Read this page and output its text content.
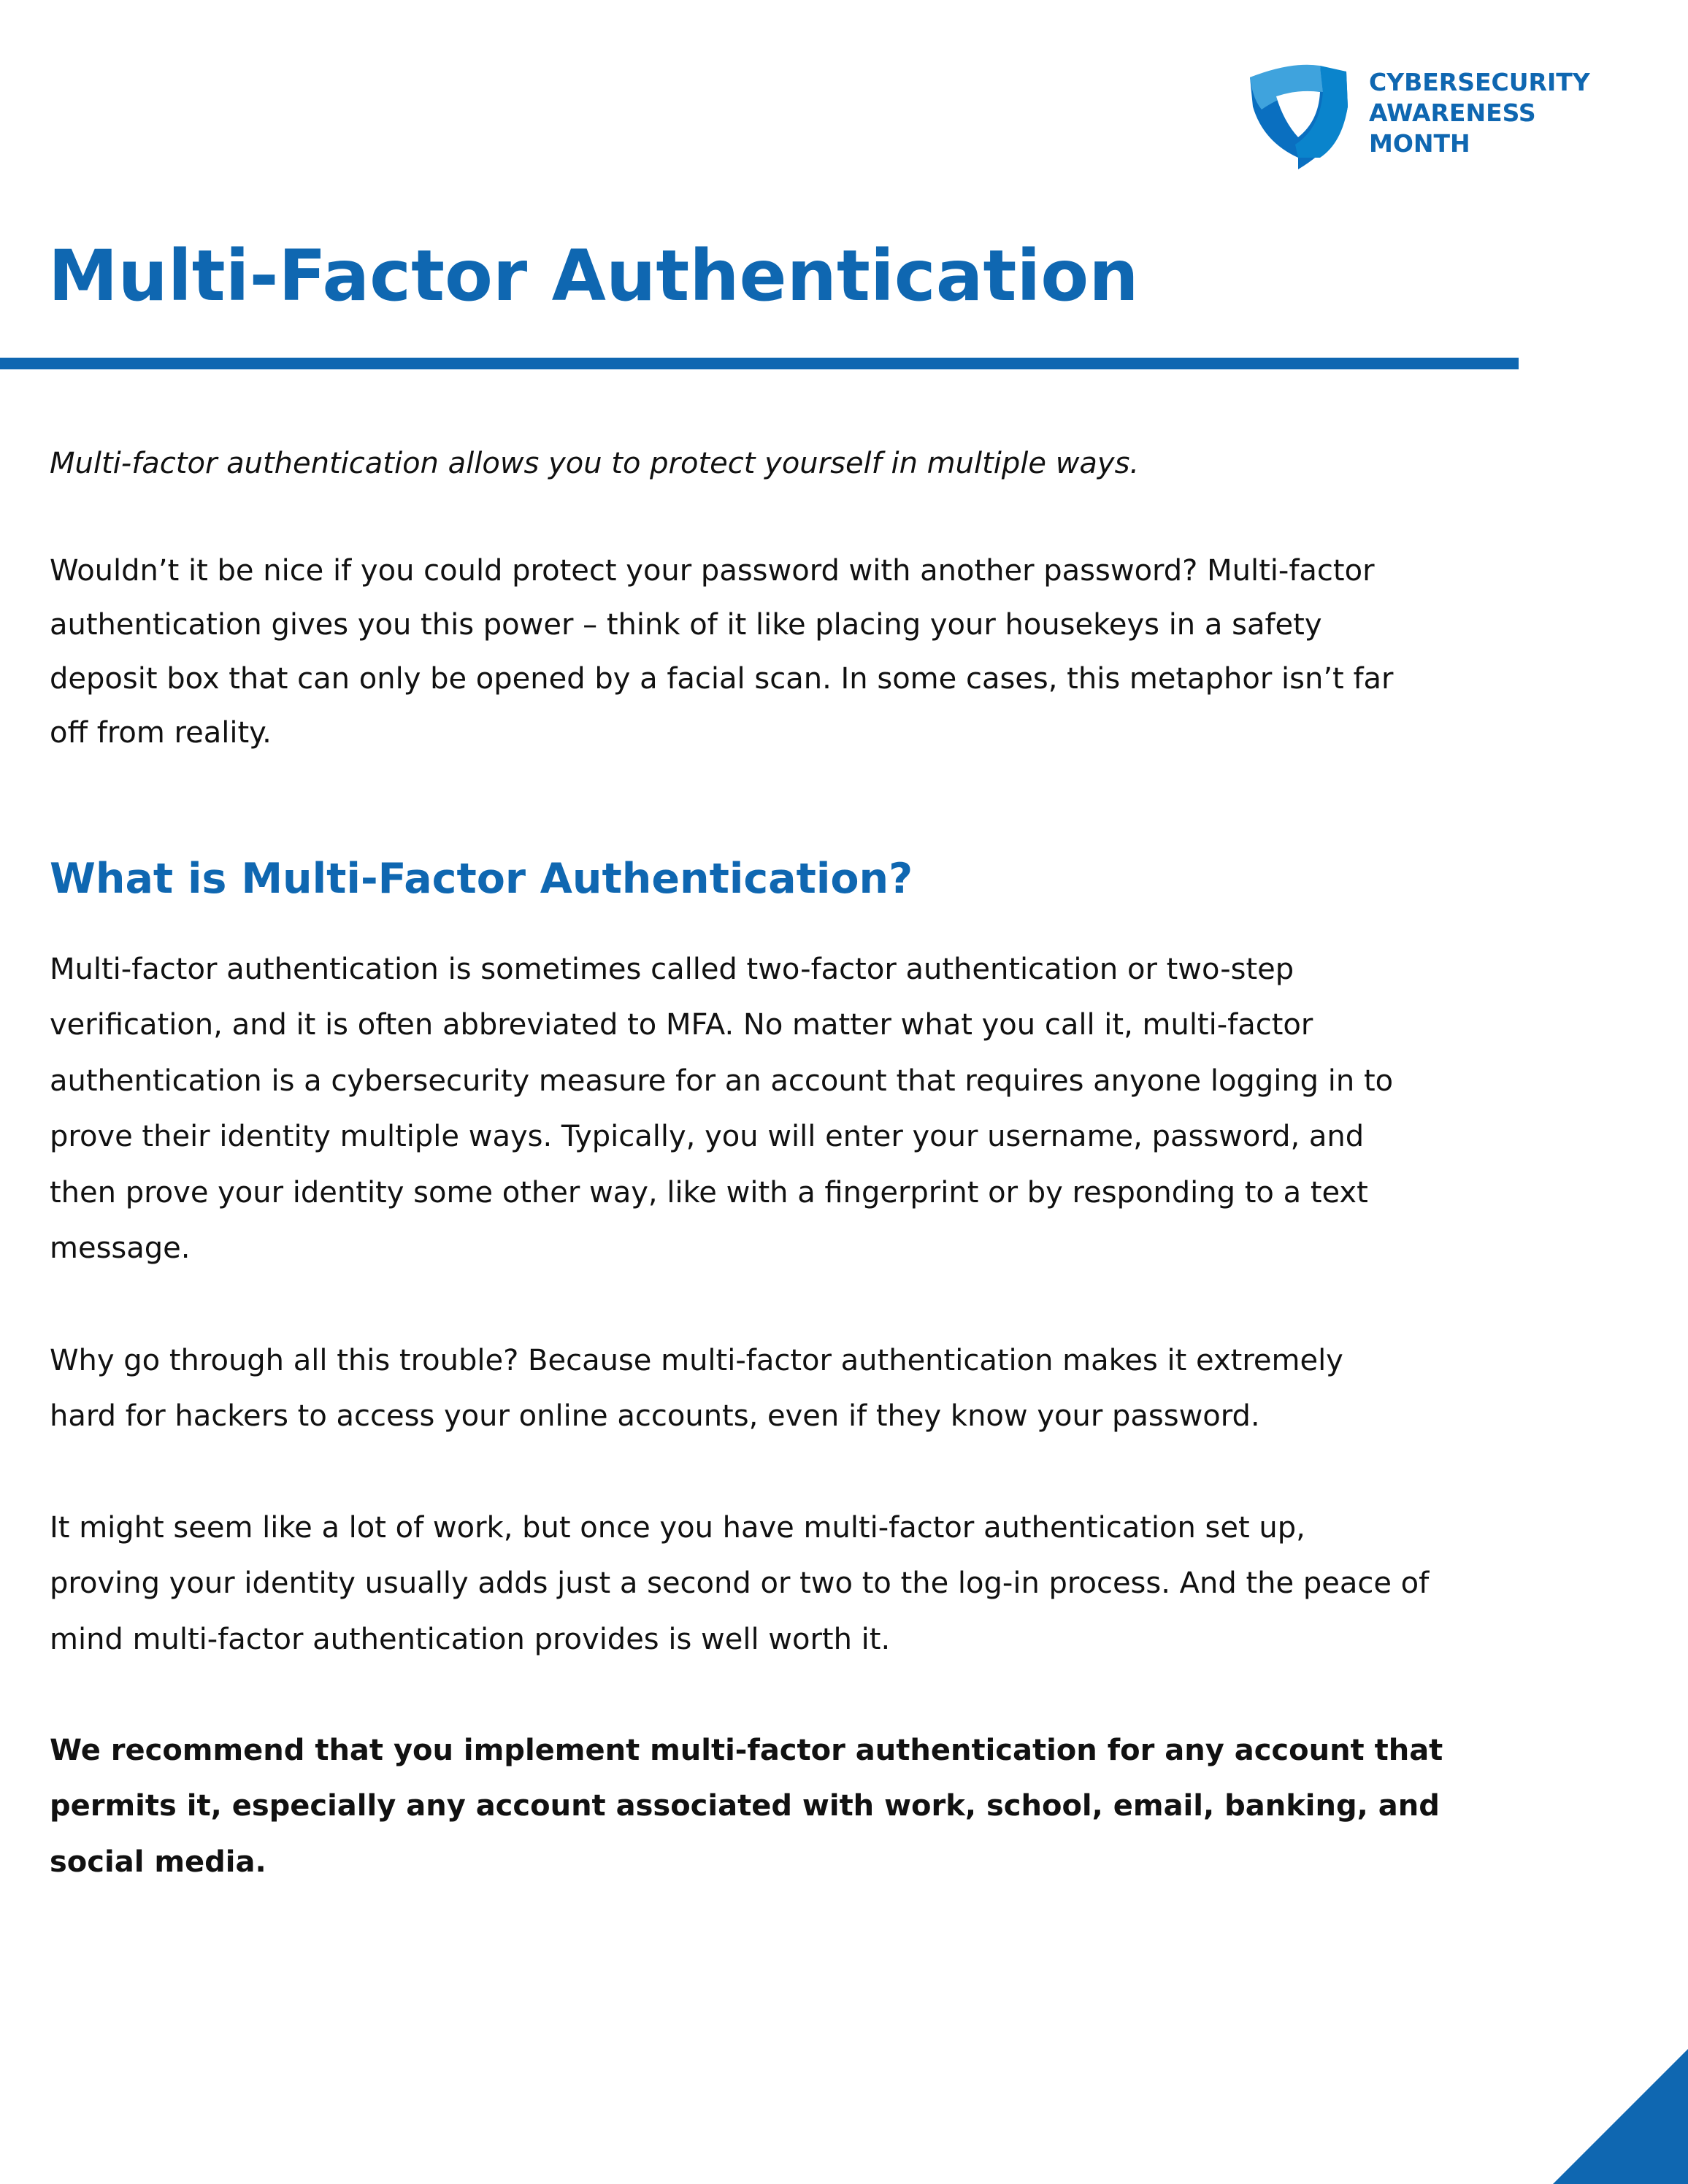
CYBERSECURITY
AWARENESS
MONTH
Multi-Factor Authentication
Multi-factor authentication allows you to protect yourself in multiple ways.
Wouldn’t it be nice if you could protect your password with another password? Multi-factor
authentication gives you this power – think of it like placing your housekeys in a safety
deposit box that can only be opened by a facial scan. In some cases, this metaphor isn’t far
off from reality.
What is Multi-Factor Authentication?
Multi-factor authentication is sometimes called two-factor authentication or two-step
verification, and it is often abbreviated to MFA. No matter what you call it, multi-factor
authentication is a cybersecurity measure for an account that requires anyone logging in to
prove their identity multiple ways. Typically, you will enter your username, password, and
then prove your identity some other way, like with a fingerprint or by responding to a text
message.
Why go through all this trouble? Because multi-factor authentication makes it extremely
hard for hackers to access your online accounts, even if they know your password.
It might seem like a lot of work, but once you have multi-factor authentication set up,
proving your identity usually adds just a second or two to the log-in process. And the peace of
mind multi-factor authentication provides is well worth it.
We recommend that you implement multi-factor authentication for any account that
permits it, especially any account associated with work, school, email, banking, and
social media.
